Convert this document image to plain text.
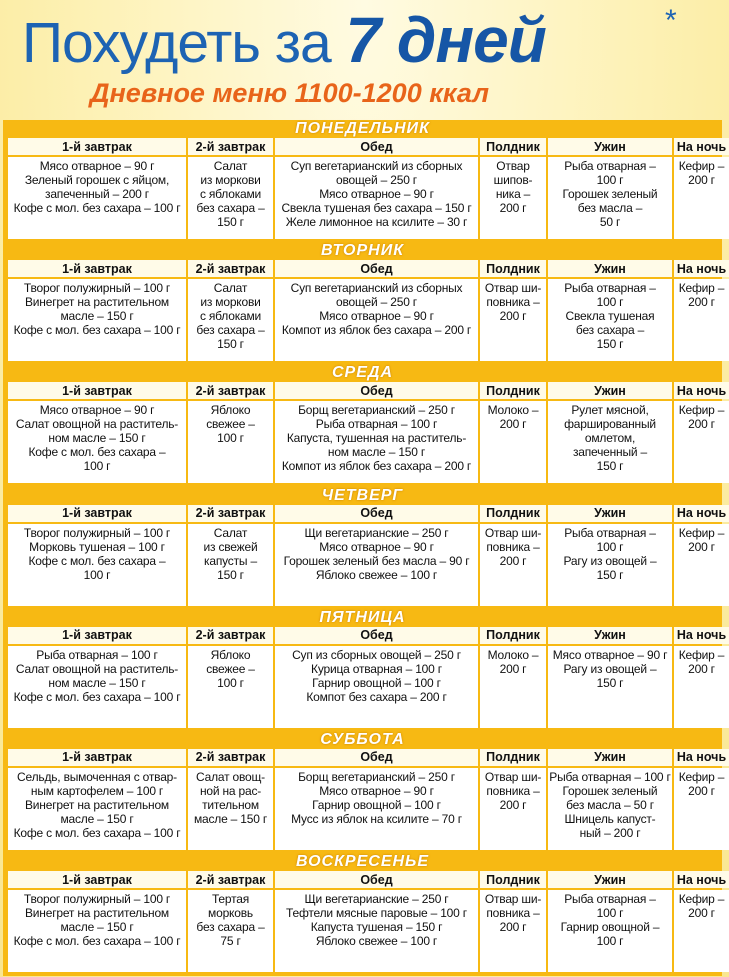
Похудеть за 7 дней	*
Дневное меню 1100-1200 ккал
ПОНЕДЕЛЬНИК
1-й завтрак	2-й завтрак	Обед	Полдник	Ужин	На ночь

Мясо отварное – 90 г
Зеленый горошек с яйцом,
запеченный – 200 г
Кофе с мол. без сахара – 100 г	Салат
из моркови
с яблоками
без сахара –
150 г	Суп вегетарианский из сборных
овощей – 250 г
Мясо отварное – 90 г
Свекла тушеная без сахара – 150 г
Желе лимонное на ксилите – 30 г	Отвар
шипов-
ника –
200 г	Рыба отварная –
100 г
Горошек зеленый
без масла –
50 г	Кефир –
200 г
ВТОРНИК
1-й завтрак	2-й завтрак	Обед	Полдник	Ужин	На ночь

Творог полужирный – 100 г
Винегрет на растительном
масле – 150 г
Кофе с мол. без сахара – 100 г	Салат
из моркови
с яблоками
без сахара –
150 г	Суп вегетарианский из сборных
овощей – 250 г
Мясо отварное – 90 г
Компот из яблок без сахара – 200 г	Отвар ши-
повника –
200 г	Рыба отварная –
100 г
Свекла тушеная
без сахара –
150 г	Кефир –
200 г
СРЕДА
1-й завтрак	2-й завтрак	Обед	Полдник	Ужин	На ночь

Мясо отварное – 90 г
Салат овощной на раститель-
ном масле – 150 г
Кофе с мол. без сахара –
100 г	Яблоко
свежее –
100 г	Борщ вегетарианский – 250 г
Рыба отварная – 100 г
Капуста, тушенная на раститель-
ном масле – 150 г
Компот из яблок без сахара – 200 г	Молоко –
200 г	Рулет мясной,
фаршированный
омлетом,
запеченный –
150 г	Кефир –
200 г
ЧЕТВЕРГ
1-й завтрак	2-й завтрак	Обед	Полдник	Ужин	На ночь

Творог полужирный – 100 г
Морковь тушеная – 100 г
Кофе с мол. без сахара –
100 г	Салат
из свежей
капусты –
150 г	Щи вегетарианские – 250 г
Мясо отварное – 90 г
Горошек зеленый без масла – 90 г
Яблоко свежее – 100 г	Отвар ши-
повника –
200 г	Рыба отварная –
100 г
Рагу из овощей –
150 г	Кефир –
200 г
ПЯТНИЦА
1-й завтрак	2-й завтрак	Обед	Полдник	Ужин	На ночь

Рыба отварная – 100 г
Салат овощной на раститель-
ном масле – 150 г
Кофе с мол. без сахара – 100 г	Яблоко
свежее –
100 г	Суп из сборных овощей – 250 г
Курица отварная – 100 г
Гарнир овощной – 100 г
Компот без сахара – 200 г	Молоко –
200 г	Мясо отварное – 90 г
Рагу из овощей –
150 г	Кефир –
200 г
СУББОТА
1-й завтрак	2-й завтрак	Обед	Полдник	Ужин	На ночь

Сельдь, вымоченная с отвар-
ным картофелем – 100 г
Винегрет на растительном
масле – 150 г
Кофе с мол. без сахара – 100 г	Салат овощ-
ной на рас-
тительном
масле – 150 г	Борщ вегетарианский – 250 г
Мясо отварное – 90 г
Гарнир овощной – 100 г
Мусс из яблок на ксилите – 70 г	Отвар ши-
повника –
200 г	Рыба отварная – 100 г
Горошек зеленый
без масла – 50 г
Шницель капуст-
ный – 200 г	Кефир –
200 г
ВОСКРЕСЕНЬЕ
1-й завтрак	2-й завтрак	Обед	Полдник	Ужин	На ночь

Творог полужирный – 100 г
Винегрет на растительном
масле – 150 г
Кофе с мол. без сахара – 100 г	Тертая
морковь
без сахара –
75 г	Щи вегетарианские – 250 г
Тефтели мясные паровые – 100 г
Капуста тушеная – 150 г
Яблоко свежее – 100 г	Отвар ши-
повника –
200 г	Рыба отварная –
100 г
Гарнир овощной –
100 г	Кефир –
200 г
